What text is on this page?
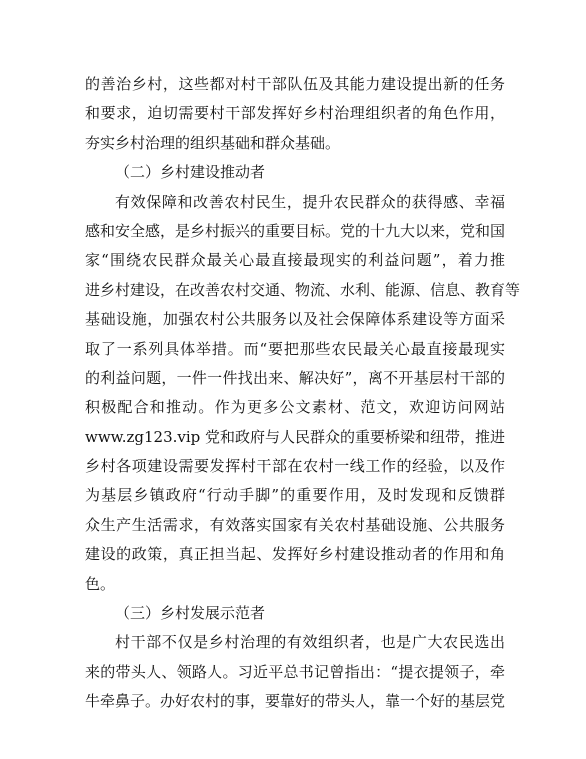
的善治乡村，这些都对村干部队伍及其能力建设提出新的任务
和要求，迫切需要村干部发挥好乡村治理组织者的角色作用，
夯实乡村治理的组织基础和群众基础。
（二）乡村建设推动者
有效保障和改善农村民生，提升农民群众的获得感、幸福
感和安全感，是乡村振兴的重要目标。党的十九大以来，党和国
家“围绕农民群众最关心最直接最现实的利益问题”，着力推
进乡村建设，在改善农村交通、物流、水利、能源、信息、教育等
基础设施，加强农村公共服务以及社会保障体系建设等方面采
取了一系列具体举措。而“要把那些农民最关心最直接最现实
的利益问题，一件一件找出来、解决好”，离不开基层村干部的
积极配合和推动。作为更多公文素材、范文，欢迎访问网站
www.zg123.vip 党和政府与人民群众的重要桥梁和纽带，推进
乡村各项建设需要发挥村干部在农村一线工作的经验，以及作
为基层乡镇政府“行动手脚”的重要作用，及时发现和反馈群
众生产生活需求，有效落实国家有关农村基础设施、公共服务
建设的政策，真正担当起、发挥好乡村建设推动者的作用和角
色。
（三）乡村发展示范者
村干部不仅是乡村治理的有效组织者，也是广大农民选出
来的带头人、领路人。习近平总书记曾指出：“提衣提领子，牵
牛牵鼻子。办好农村的事，要靠好的带头人，靠一个好的基层党
